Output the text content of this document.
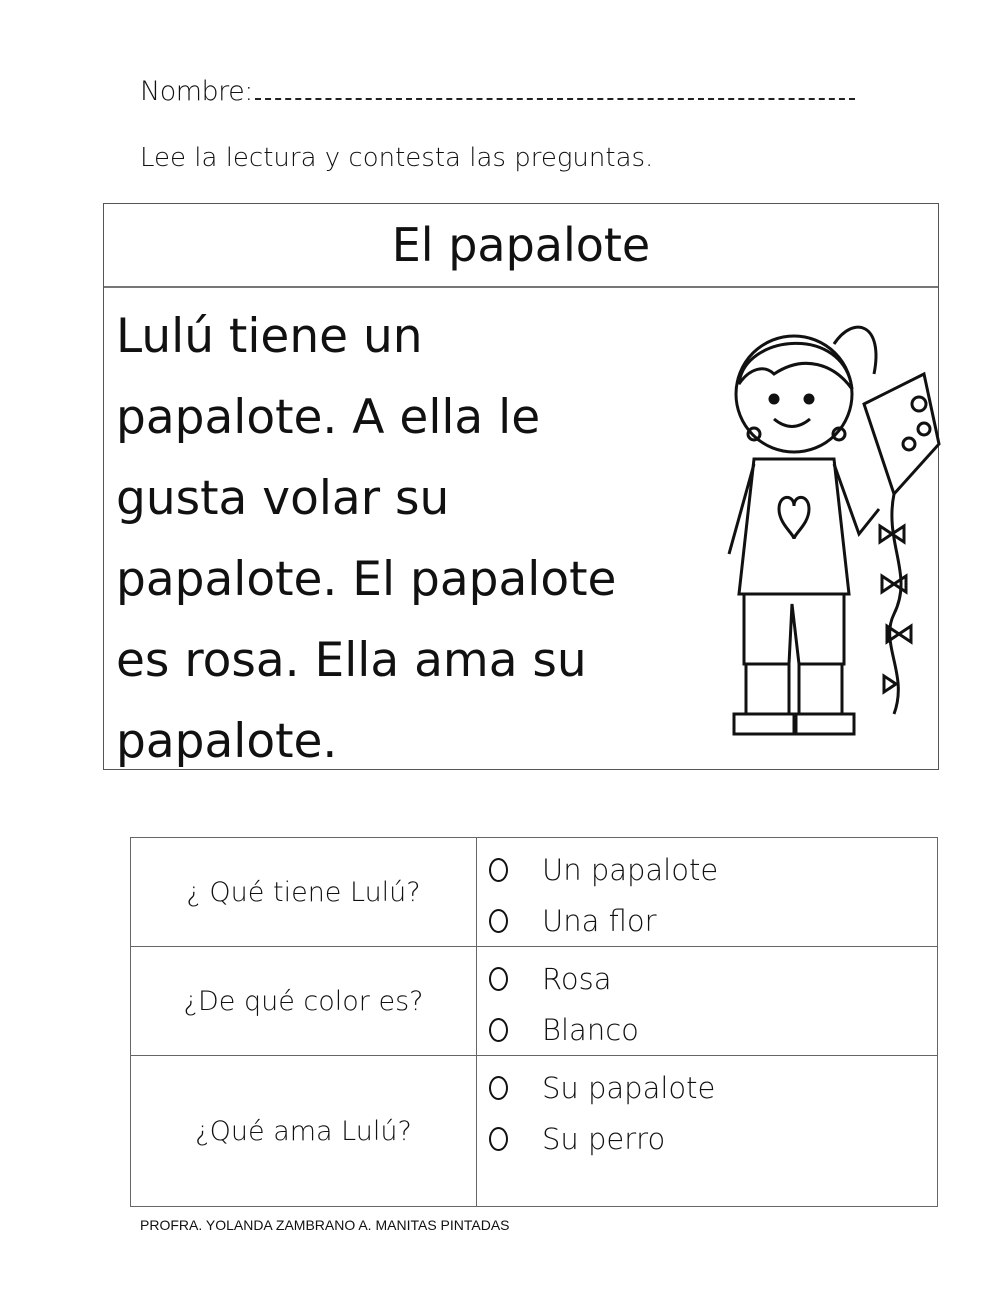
Nombre:
Lee la lectura y contesta las preguntas.
El papalote
Lulú tiene un
papalote. A ella le
gusta volar su
papalote. El papalote
es rosa. Ella ama su
papalote.
¿ Qué tiene Lulú?	Un papalote
Una flor

¿De qué color es?	Rosa
Blanco

¿Qué ama Lulú?	Su papalote
Su perro
PROFRA. YOLANDA ZAMBRANO A. MANITAS PINTADAS
